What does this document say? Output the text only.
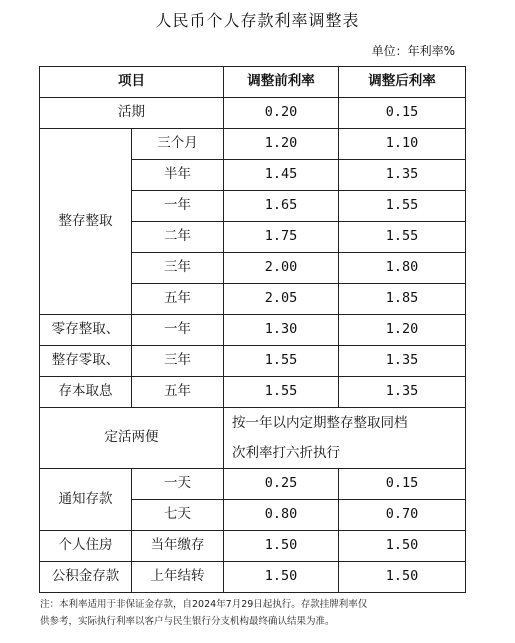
人民币个人存款利率调整表
单位：年利率%
项目		调整前利率	调整后利率
活期		0.20	0.15
整存整取	三个月	1.20	1.10
	半年	1.45	1.35
	一年	1.65	1.55
	二年	1.75	1.55
	三年	2.00	1.80
	五年	2.05	1.85
零存整取、	一年	1.30	1.20
整存零取、	三年	1.55	1.35
存本取息	五年	1.55	1.35
定活两便		按一年以内定期整存整取同档	
		次利率打六折执行	
通知存款	一天	0.25	0.15
	七天	0.80	0.70
个人住房	当年缴存	1.50	1.50
公积金存款	上年结转	1.50	1.50
注：本利率适用于非保证金存款，自2024年7月29日起执行。存款挂牌利率仅
供参考，实际执行利率以客户与民生银行分支机构最终确认结果为准。
